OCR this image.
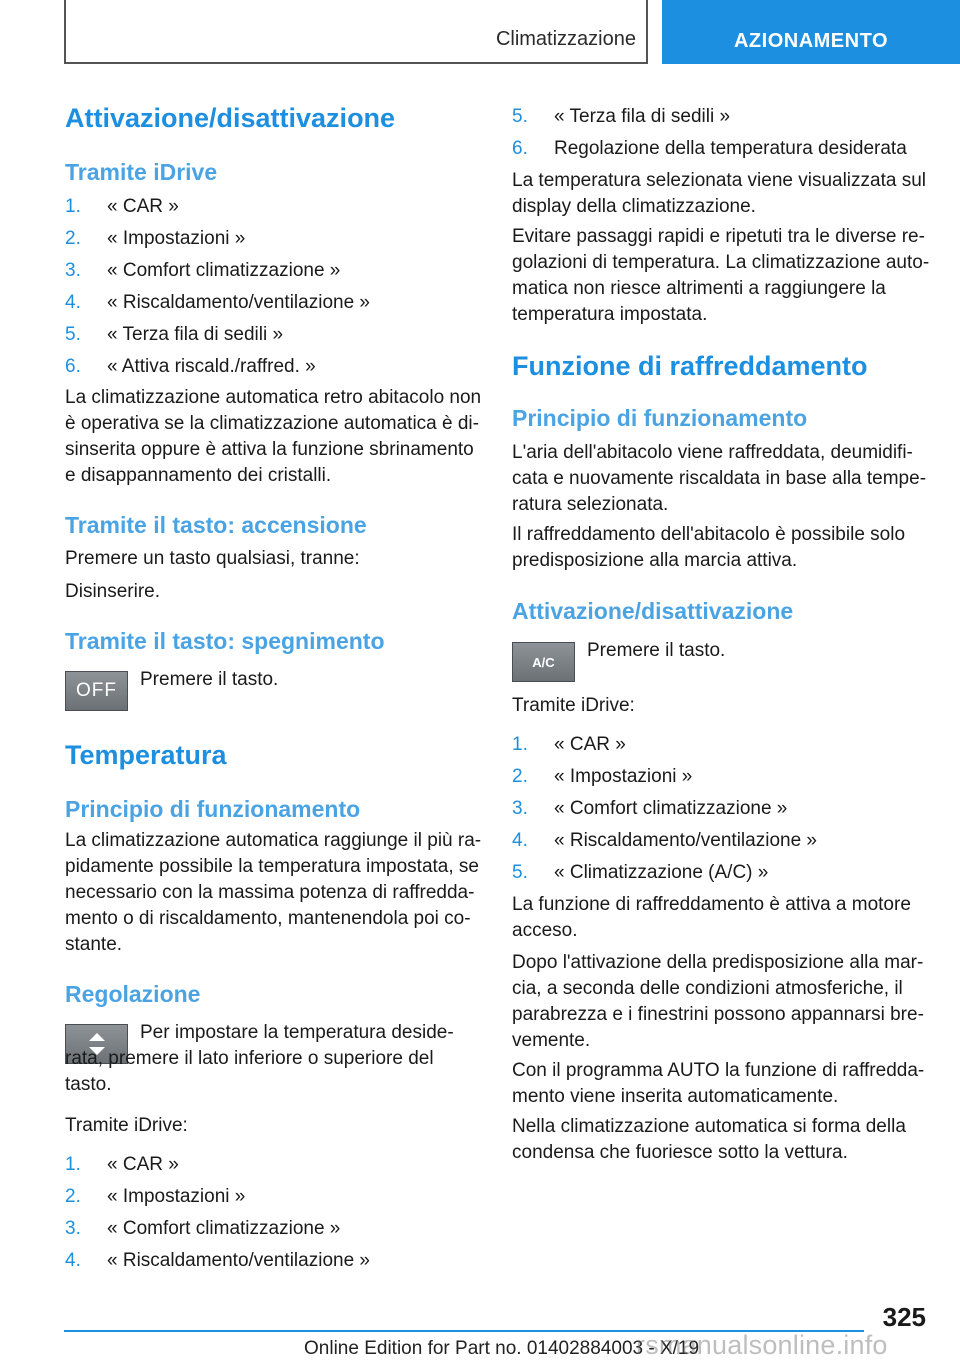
Climatizzazione	AZIONAMENTO
Attivazione/disattivazione
Tramite iDrive
1. « CAR »
2. « Impostazioni »
3. « Comfort climatizzazione »
4. « Riscaldamento/ventilazione »
5. « Terza fila di sedili »
6. « Attiva riscald./raffred. »

La climatizzazione automatica retro abitacolo non è operativa se la climatizzazione automatica è di-sinserita oppure è attiva la funzione sbrinamento e disappannamento dei cristalli.

Tramite il tasto: accensione

Premere un tasto qualsiasi, tranne:

Disinserire.

Tramite il tasto: spegnimento
OFF

Premere il tasto.

Temperatura
Principio di funzionamento

La climatizzazione automatica raggiunge il più ra-pidamente possibile la temperatura impostata, se necessario con la massima potenza di raffredda-mento o di riscaldamento, mantenendola poi co-stante.

Regolazione

Per impostare la temperatura deside-rata, premere il lato inferiore o superiore del tasto.

Tramite iDrive:

1. « CAR »
2. « Impostazioni »
3. « Comfort climatizzazione »
4. « Riscaldamento/ventilazione »
5. « Terza fila di sedili »
6. Regolazione della temperatura desiderata

La temperatura selezionata viene visualizzata sul display della climatizzazione.

Evitare passaggi rapidi e ripetuti tra le diverse re-golazioni di temperatura. La climatizzazione auto-matica non riesce altrimenti a raggiungere la temperatura impostata.

Funzione di raffreddamento
Principio di funzionamento

L'aria dell'abitacolo viene raffreddata, deumidifi-cata e nuovamente riscaldata in base alla tempe-ratura selezionata.

Il raffreddamento dell'abitacolo è possibile solo predisposizione alla marcia attiva.

Attivazione/disattivazione
A/C

Premere il tasto.

Tramite iDrive:

1. « CAR »
2. « Impostazioni »
3. « Comfort climatizzazione »
4. « Riscaldamento/ventilazione »
5. « Climatizzazione (A/C) »

La funzione di raffreddamento è attiva a motore acceso.

Dopo l'attivazione della predisposizione alla mar-cia, a seconda delle condizioni atmosferiche, il parabrezza e i finestrini possono appannarsi bre-vemente.

Con il programma AUTO la funzione di raffredda-mento viene inserita automaticamente.

Nella climatizzazione automatica si forma della condensa che fuoriesce sotto la vettura.

325
Online Edition for Part no. 01402884003 - X/19
rsmanualsonline.info
